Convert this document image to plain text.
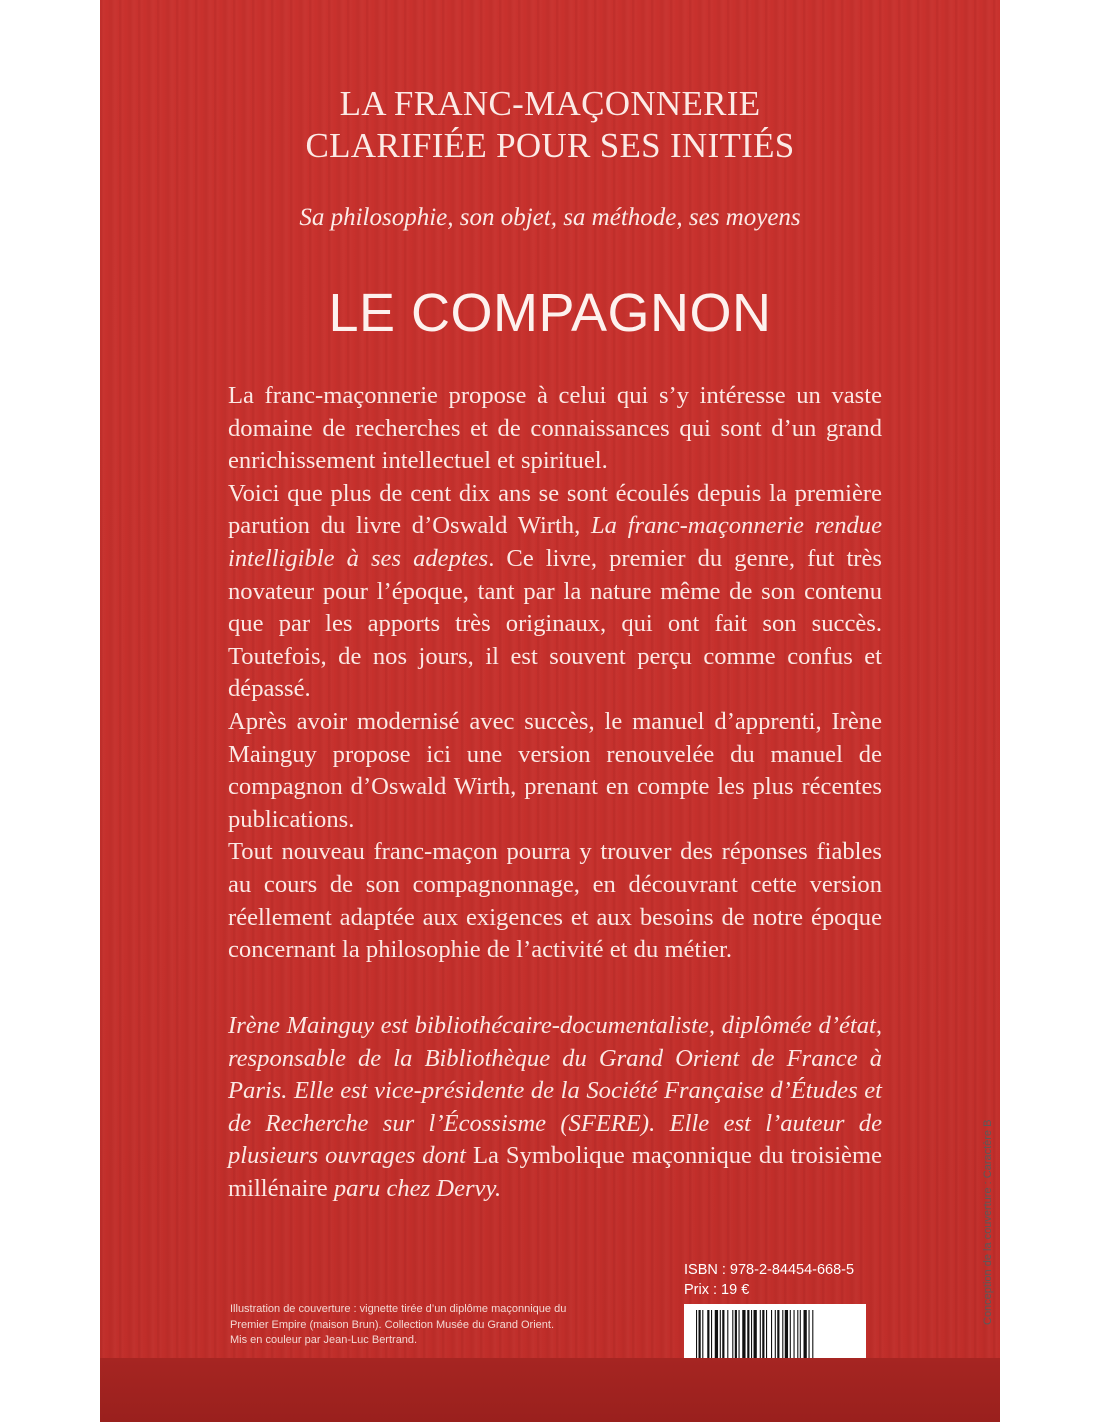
LA FRANC-MAÇONNERIE
CLARIFIÉE POUR SES INITIÉS
Sa philosophie, son objet, sa méthode, ses moyens
LE COMPAGNON

La franc-maçonnerie propose à celui qui s’y intéresse un vaste domaine de recherches et de connaissances qui sont d’un grand enrichissement intellectuel et spirituel.

Voici que plus de cent dix ans se sont écoulés depuis la première parution du livre d’Oswald Wirth, La franc-maçonnerie rendue intelligible à ses adeptes. Ce livre, premier du genre, fut très novateur pour l’époque, tant par la nature même de son contenu que par les apports très originaux, qui ont fait son succès. Toutefois, de nos jours, il est souvent perçu comme confus et dépassé.

Après avoir modernisé avec succès, le manuel d’apprenti, Irène Mainguy propose ici une version renouvelée du manuel de compagnon d’Oswald Wirth, prenant en compte les plus récentes publications.

Tout nouveau franc-maçon pourra y trouver des réponses fiables au cours de son compagnonnage, en découvrant cette version réellement adaptée aux exigences et aux besoins de notre époque concernant la philosophie de l’activité et du métier.

Irène Mainguy est bibliothécaire-documentaliste, diplômée d’état, responsable de la Bibliothèque du Grand Orient de France à Paris. Elle est vice-présidente de la Société Française d’Études et de Recherche sur l’Écossisme (SFERE). Elle est l’auteur de plusieurs ouvrages dont La Symbolique maçonnique du troisième millénaire paru chez Dervy.
Illustration de couverture : vignette tirée d’un diplôme maçonnique du
Premier Empire (maison Brun). Collection Musée du Grand Orient.
Mis en couleur par Jean-Luc Bertrand.
ISBN : 978-2-84454-668-5
Prix : 19 €	Conception de la couverture : Caractère B
